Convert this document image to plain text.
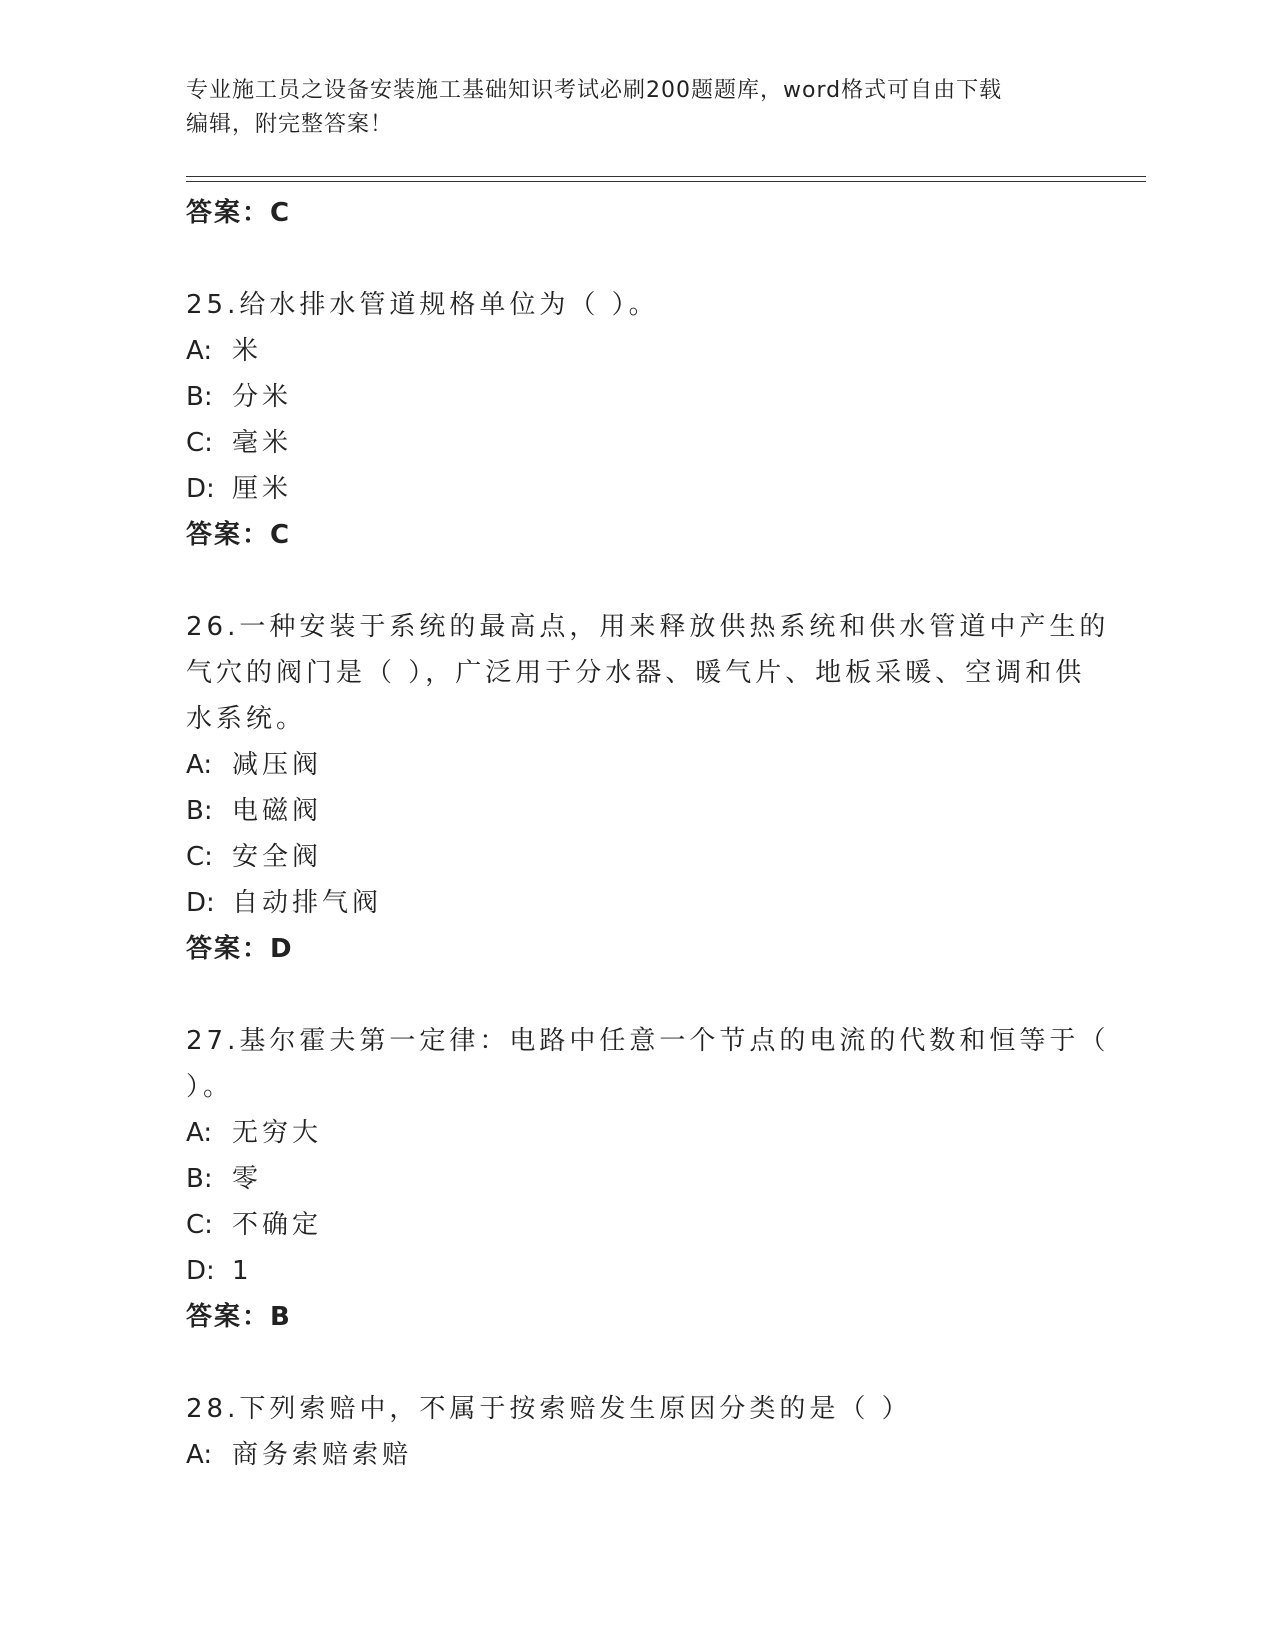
专业施工员之设备安装施工基础知识考试必刷200题题库，word格式可自由下载
编辑，附完整答案！
答案：C
25.给水排水管道规格单位为（ ）。
A: 米
B: 分米
C: 毫米
D: 厘米
答案：C
26.一种安装于系统的最高点，用来释放供热系统和供水管道中产生的
气穴的阀门是（ ），广泛用于分水器、暖气片、地板采暖、空调和供
水系统。
A: 减压阀
B: 电磁阀
C: 安全阀
D: 自动排气阀
答案：D
27.基尔霍夫第一定律：电路中任意一个节点的电流的代数和恒等于（
）。
A: 无穷大
B: 零
C: 不确定
D: 1
答案：B
28.下列索赔中，不属于按索赔发生原因分类的是（ ）
A: 商务索赔索赔
